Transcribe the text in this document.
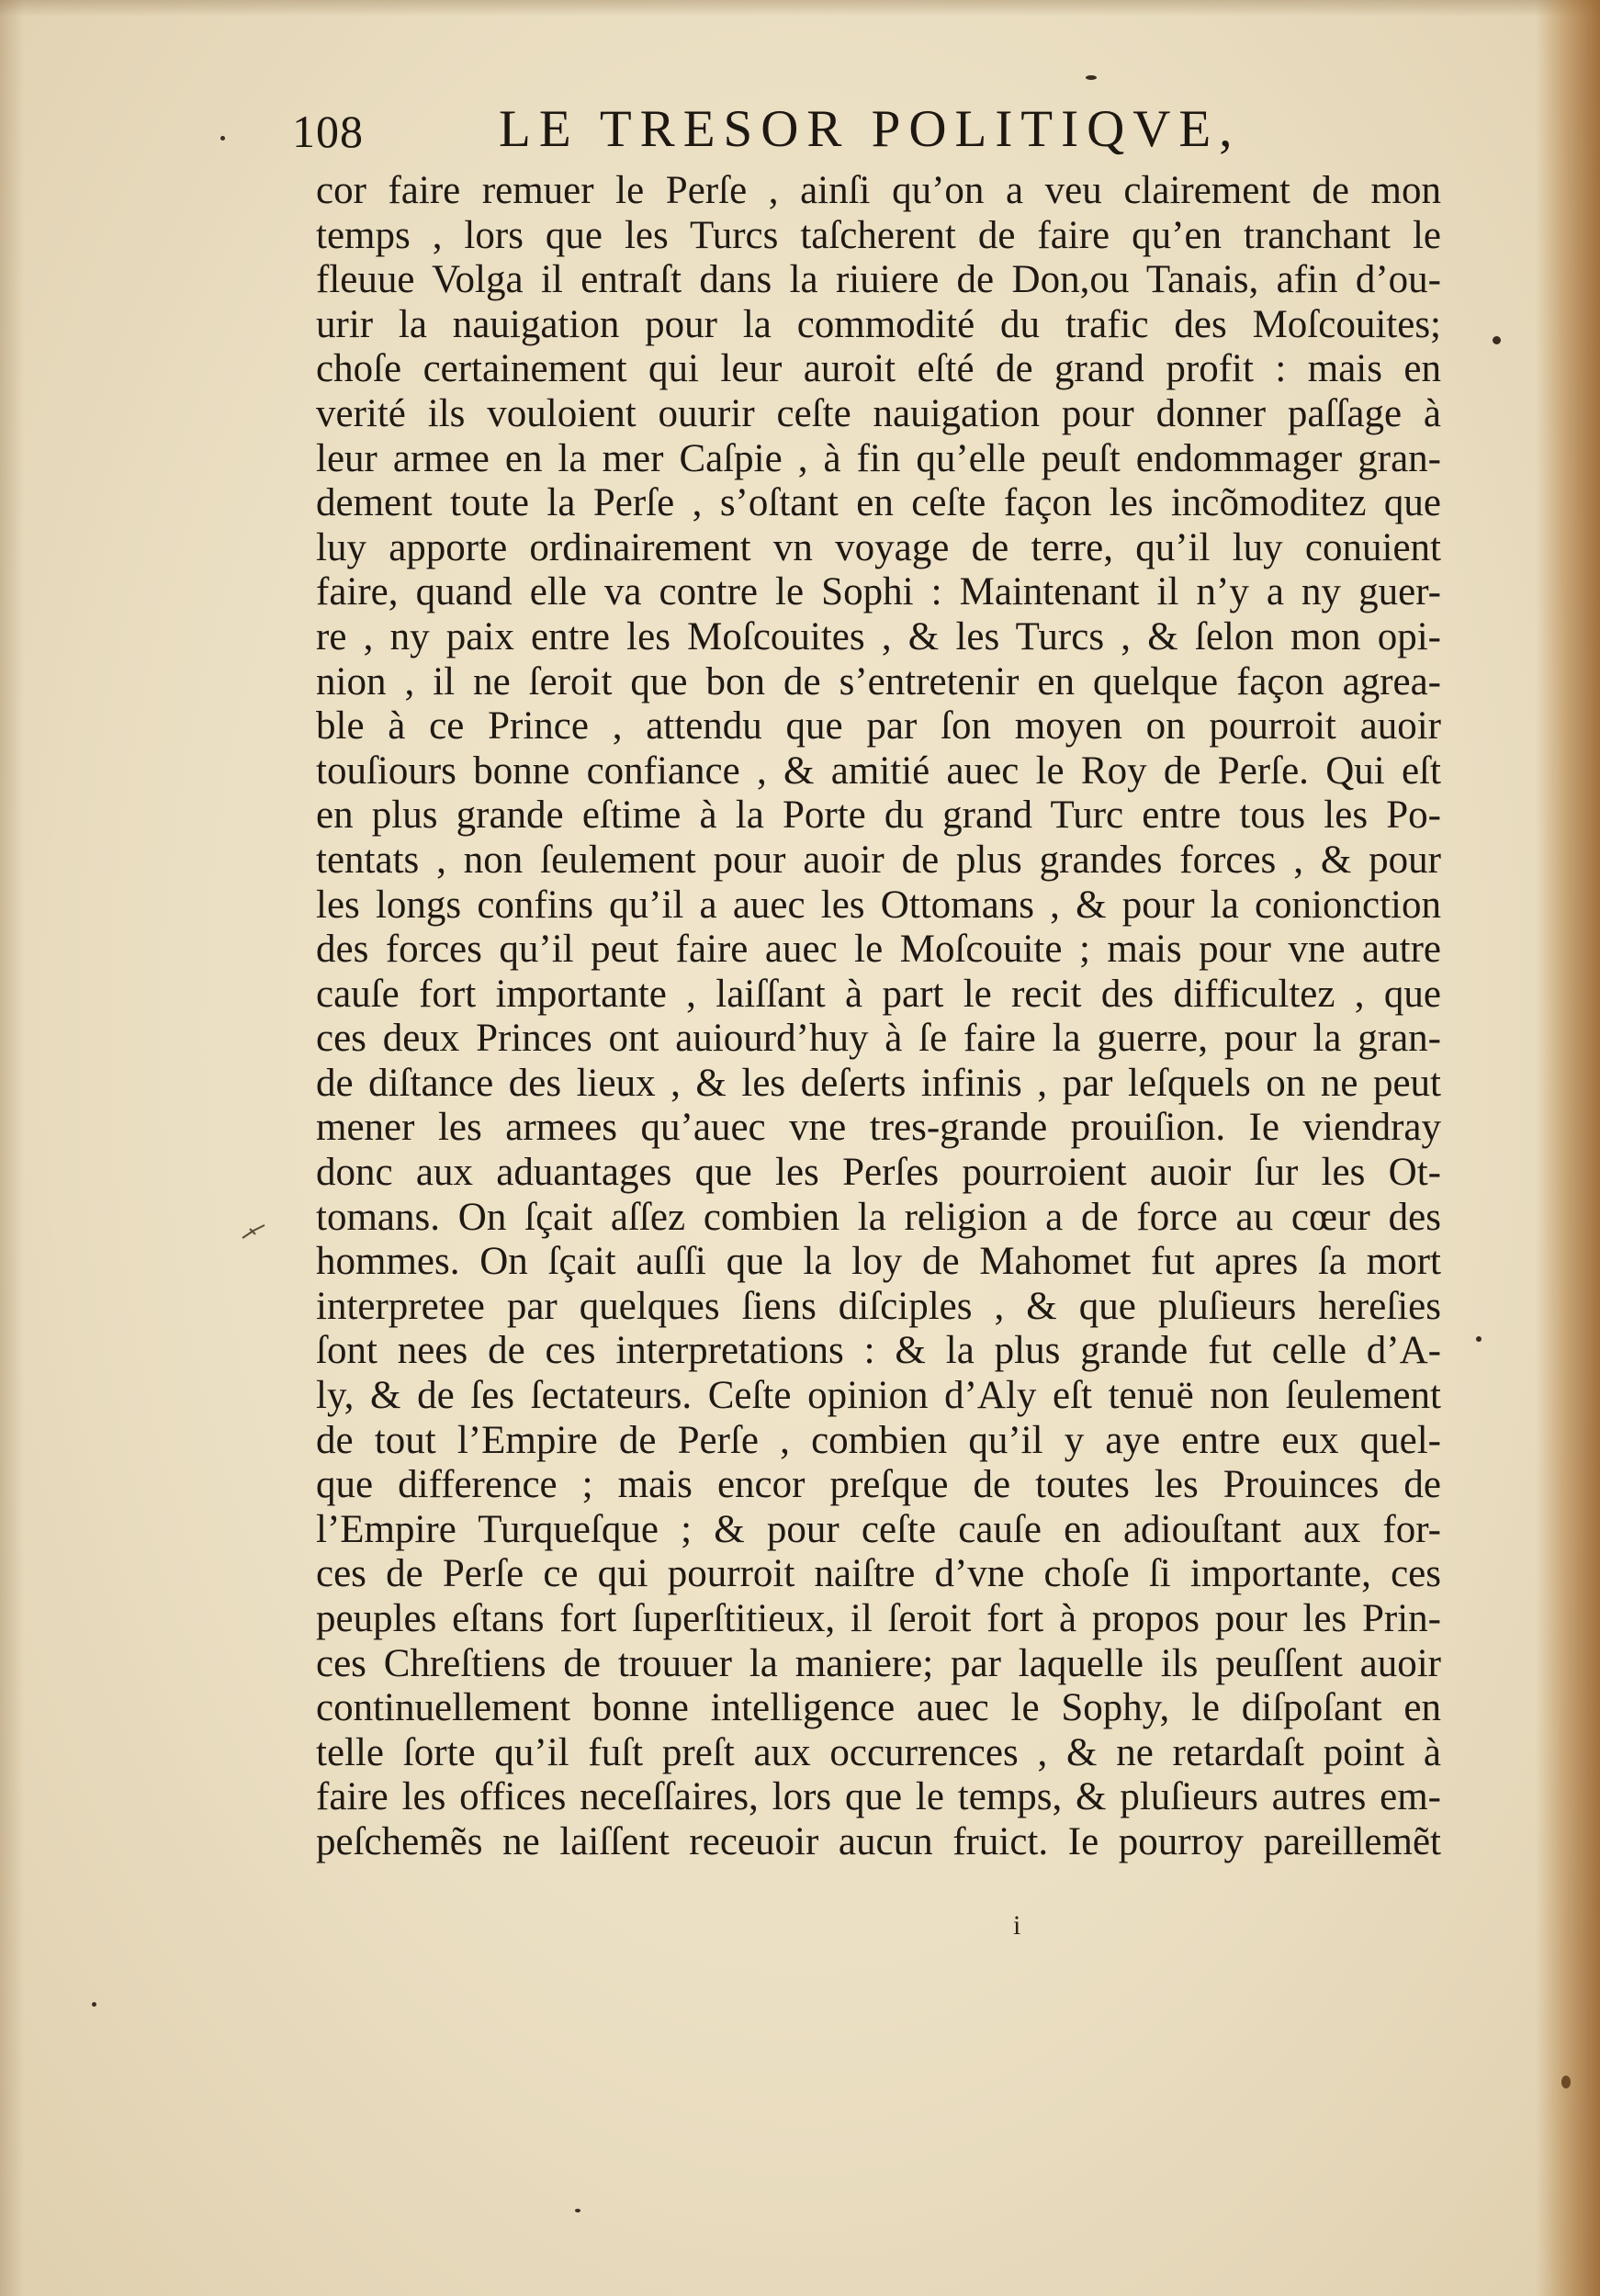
108	LE TRESOR POLITIQVE,
cor faire remuer le Perſe , ainſi qu’on a veu clairement de mon
temps , lors que les Turcs taſcherent de faire qu’en tranchant le
fleuue Volga il entraſt dans la riuiere de Don,ou Tanais, afin d’ou-
urir la nauigation pour la commodité du trafic des Moſcouites;
choſe certainement qui leur auroit eſté de grand profit : mais en
verité ils vouloient ouurir ceſte nauigation pour donner paſſage à
leur armee en la mer Caſpie , à fin qu’elle peuſt endommager gran-
dement toute la Perſe , s’oſtant en ceſte façon les incõmoditez que
luy apporte ordinairement vn voyage de terre, qu’il luy conuient
faire, quand elle va contre le Sophi : Maintenant il n’y a ny guer-
re , ny paix entre les Moſcouites , & les Turcs , & ſelon mon opi-
nion , il ne ſeroit que bon de s’entretenir en quelque façon agrea-
ble à ce Prince , attendu que par ſon moyen on pourroit auoir
touſiours bonne confiance , & amitié auec le Roy de Perſe. Qui eſt
en plus grande eſtime à la Porte du grand Turc entre tous les Po-
tentats , non ſeulement pour auoir de plus grandes forces , & pour
les longs confins qu’il a auec les Ottomans , & pour la conionction
des forces qu’il peut faire auec le Moſcouite ; mais pour vne autre
cauſe fort importante , laiſſant à part le recit des difficultez , que
ces deux Princes ont auiourd’huy à ſe faire la guerre, pour la gran-
de diſtance des lieux , & les deſerts infinis , par leſquels on ne peut
mener les armees qu’auec vne tres-grande prouiſion. Ie viendray
donc aux aduantages que les Perſes pourroient auoir ſur les Ot-
tomans. On ſçait aſſez combien la religion a de force au cœur des
hommes. On ſçait auſſi que la loy de Mahomet fut apres ſa mort
interpretee par quelques ſiens diſciples , & que pluſieurs hereſies
ſont nees de ces interpretations : & la plus grande fut celle d’A-
ly, & de ſes ſectateurs. Ceſte opinion d’Aly eſt tenuë non ſeulement
de tout l’Empire de Perſe , combien qu’il y aye entre eux quel-
que difference ; mais encor preſque de toutes les Prouinces de
l’Empire Turqueſque ; & pour ceſte cauſe en adiouſtant aux for-
ces de Perſe ce qui pourroit naiſtre d’vne choſe ſi importante, ces
peuples eſtans fort ſuperſtitieux, il ſeroit fort à propos pour les Prin-
ces Chreſtiens de trouuer la maniere; par laquelle ils peuſſent auoir
continuellement bonne intelligence auec le Sophy, le diſpoſant en
telle ſorte qu’il fuſt preſt aux occurrences , & ne retardaſt point à
faire les offices neceſſaires, lors que le temps, & pluſieurs autres em-
peſchemẽs ne laiſſent receuoir aucun fruict. Ie pourroy pareillemẽt
i
